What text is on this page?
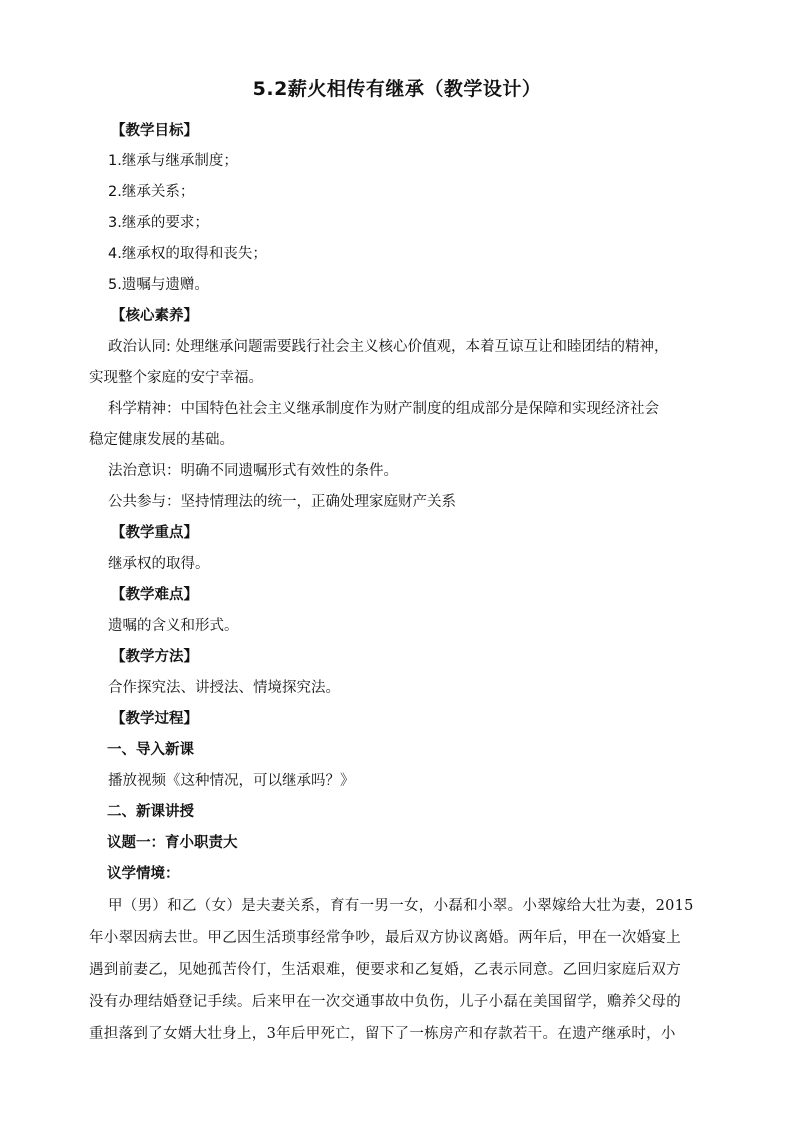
5.2薪火相传有继承（教学设计）
【教学目标】
1.继承与继承制度；
2.继承关系；
3.继承的要求；
4.继承权的取得和丧失；
5.遗嘱与遗赠。
【核心素养】
政治认同: 处理继承问题需要践行社会主义核心价值观，本着互谅互让和睦团结的精神，
实现整个家庭的安宁幸福。
科学精神：中国特色社会主义继承制度作为财产制度的组成部分是保障和实现经济社会
稳定健康发展的基础。
法治意识：明确不同遗嘱形式有效性的条件。
公共参与：坚持情理法的统一，正确处理家庭财产关系
【教学重点】
继承权的取得。
【教学难点】
遗嘱的含义和形式。
【教学方法】
合作探究法、讲授法、情境探究法。
【教学过程】
一、导入新课
播放视频《这种情况，可以继承吗？》
二、新课讲授
议题一：育小职责大
议学情境：
甲（男）和乙（女）是夫妻关系，育有一男一女，小磊和小翠。小翠嫁给大壮为妻，2015
年小翠因病去世。甲乙因生活琐事经常争吵，最后双方协议离婚。两年后，甲在一次婚宴上
遇到前妻乙，见她孤苦伶仃，生活艰难，便要求和乙复婚，乙表示同意。乙回归家庭后双方
没有办理结婚登记手续。后来甲在一次交通事故中负伤，儿子小磊在美国留学，赡养父母的
重担落到了女婿大壮身上，3年后甲死亡，留下了一栋房产和存款若干。在遗产继承时，小
